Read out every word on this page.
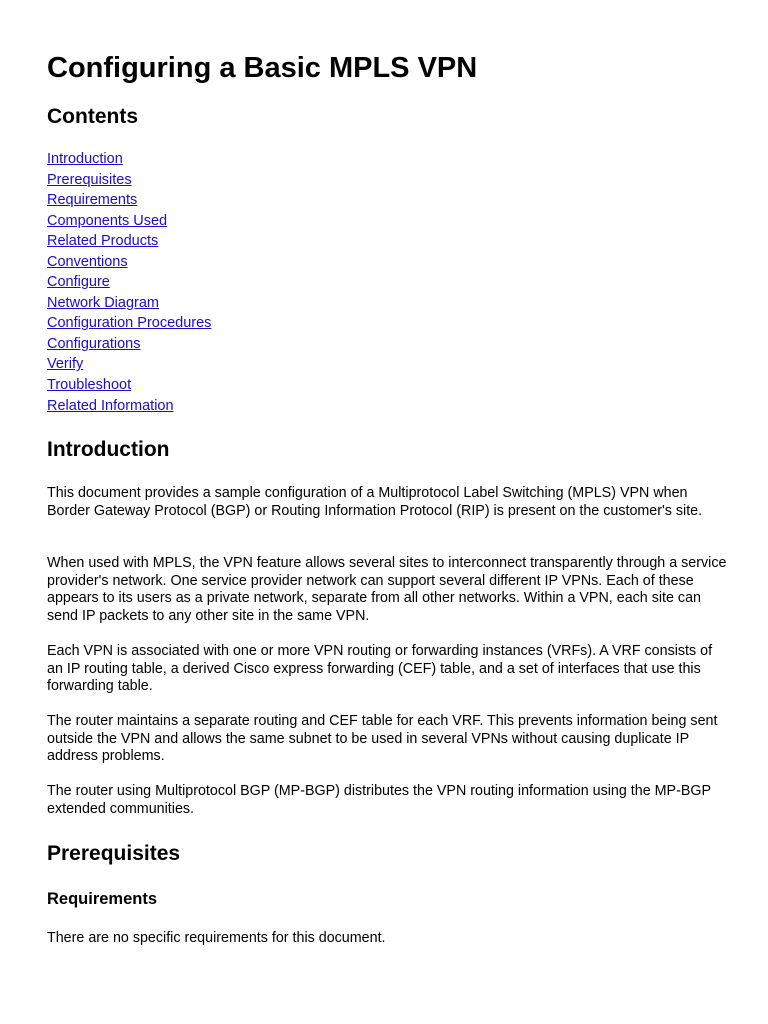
Configuring a Basic MPLS VPN
Contents
Introduction
Prerequisites
Requirements
Components Used
Related Products
Conventions
Configure
Network Diagram
Configuration Procedures
Configurations
Verify
Troubleshoot
Related Information
Introduction

This document provides a sample configuration of a Multiprotocol Label Switching (MPLS) VPN when Border Gateway Protocol (BGP) or Routing Information Protocol (RIP) is present on the customer's site.

When used with MPLS, the VPN feature allows several sites to interconnect transparently through a service provider's network. One service provider network can support several different IP VPNs. Each of these appears to its users as a private network, separate from all other networks. Within a VPN, each site can send IP packets to any other site in the same VPN.

Each VPN is associated with one or more VPN routing or forwarding instances (VRFs). A VRF consists of an IP routing table, a derived Cisco express forwarding (CEF) table, and a set of interfaces that use this forwarding table.

The router maintains a separate routing and CEF table for each VRF. This prevents information being sent outside the VPN and allows the same subnet to be used in several VPNs without causing duplicate IP address problems.

The router using Multiprotocol BGP (MP-BGP) distributes the VPN routing information using the MP-BGP extended communities.

Prerequisites
Requirements

There are no specific requirements for this document.
